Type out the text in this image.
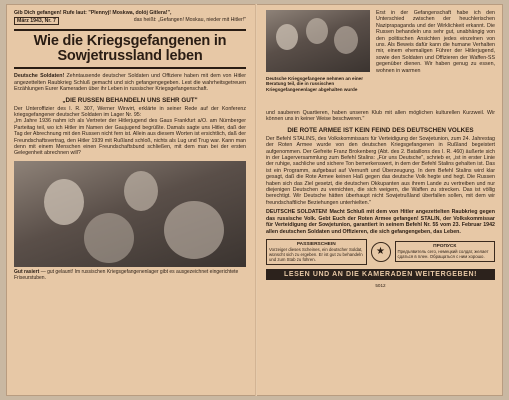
Gib Dich gefangen! Rufe laut: "Plennyj! Moskwa, dolój Gitlera!",
März 1943, Nr. 7	das heißt: „Gefangen! Moskau, nieder mit Hitler!"
Wie die Kriegsgefangenen in Sowjetrussland leben

Deutsche Soldaten! Zehntausende deutscher Soldaten und Offiziere haben mit dem von Hitler angezettelten Raubkrieg Schluß gemacht und sich gefangengegeben. Lest die wahrheitsgetreuen Erzählungen Eurer Kameraden über ihr Leben in russischer Kriegsgefangenschaft.

„DIE RUSSEN BEHANDELN UNS SEHR GUT"

Der Unteroffizier des I. R. 307, Werner Wirwirt, erklärte in seiner Rede auf der Konferenz kriegsgefangener deutscher Soldaten im Lager Nr. 95:

„Im Jahre 1936 nahm ich als Vertreter der Hitlerjugend des Gaus Frankfurt a/O. am Nürnberger Parteitag teil, wo ich Hitler im Namen der Gaujugend begrüßte. Damals sagte uns Hitler, daß der Tag der Abrechnung mit den Russen nicht fern ist. Allein aus diesem Worten ist ersichtlich, daß der Freundschaftsvertrag, den Hitler 1939 mit Rußland schloß, nichts als Lug und Trug war. Kann man denn mit einem Menschen einen Freundschaftsbund schließen, mit dem man bei der ersten Gelegenheit abrechnen will?

Gut rasiert — gut gelaunt! Im russischen Kriegsgefangenenlager gibt es ausgezeichnet eingerichtete Friseurstuben.

Deutsche Kriegsgefangene nehmen an einer Beratung teil, die in russischen Kriegsgefangenenlager abgehalten wurde

Erst in der Gefangenschaft habe ich den Unterschied zwischen der heuchlerischen Naziprapaganda und der Wirklichkeit erkannt. Die Russen behandeln uns sehr gut, unabhängig von den politischen Ansichten jedes einzelnen von uns. Als Beweis dafür kann die humane Verhalten mir, einem ehemaligen Führer der Hitlerjugend, sowie den Soldaten und Offizieren der Waffen-SS gegenüber dienen. Wir haben genug zu essen, wohnen in warmen

und sauberen Quartieren, haben unseren Klub mit allen möglichen kulturellen Kurzweil. Wir können uns in keiner Weise beschweren."

DIE ROTE ARMEE IST KEIN FEIND DES DEUTSCHEN VOLKES

Der Befehl STALINS, des Volkskommissars für Verteidigung der Sowjetunion, zum 24. Jahrestag der Roten Armee wurde von den deutschen Kriegsgefangenen in Rußland begeistert aufgenommen. Der Gefreite Franz Brokenberg (Abt. des 2. Bataillons des I. R. 460) äußerte sich in der Lagerversammlung zum Befehl Stalins: „Für uns Deutsche", schrieb er, „ist in erster Linie der ruhige, sachliche und sichere Ton bemerkenswert, in dem der Befehl Stalins gehalten ist. Das ist ein Programm, aufgebaut auf Vernunft und Überzeugung. In dem Befehl Stalins wird klar gesagt, daß die Rote Armee keinen Haß gegen das deutsche Volk hegte und hegt. Die Russen haben sich das Ziel gesetzt, die deutschen Okkupanten aus ihrem Lande zu vertreiben und nur diejenigen Deutschen zu vernichten, die sich weigern, die Waffen zu strecken. Das ist völlig berechtigt. Wir Deutsche hätten überhaupt nicht Sowjetrußland überfallen sollen, mit dem wir freundschaftliche Beziehungen unterhielten."

DEUTSCHE SOLDATEN! Macht Schluß mit dem von Hitler angezettelten Raubkrieg gegen das russische Volk. Gebt Euch der Roten Armee gefangen! STALIN, der Volkskommissar für Verteidigung der Sowjetunion, garantiert in seinem Befehl Nr. 55 vom 23. Februar 1942 allen deutschen Soldaten und Offizieren, die sich gefangengeben, das Leben.

PASSIERSCHEIN
Vorzeiger dieses Scheines, ein deutscher Soldat, wünscht sich zu ergeben. Er ist gut zu behandeln und zum Stab zu führen.
★	ПРОПУСК
Предъявитель сего, немецкий солдат, желает сдаться в плен. Обращаться с ним хорошо.
LESEN UND AN DIE KAMERADEN WEITERGEBEN!
5012
